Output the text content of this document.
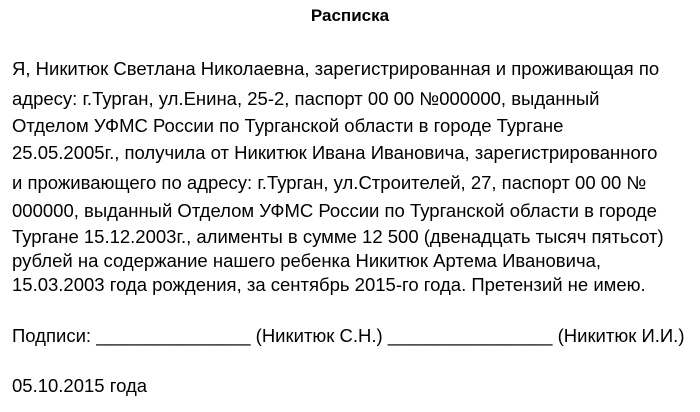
Расписка
Я, Никитюк Светлана Николаевна, зарегистрированная и проживающая по
адресу: г.Турган, ул.Енина, 25-2, паспорт 00 00 №000000, выданный
Отделом УФМС России по Турганской области в городе Тургане
25.05.2005г., получила от Никитюк Ивана Ивановича, зарегистрированного
и проживающего по адресу: г.Турган, ул.Строителей, 27, паспорт 00 00 №
000000, выданный Отделом УФМС России по Турганской области в городе
Тургане 15.12.2003г., алименты в сумме 12 500 (двенадцать тысяч пятьсот)
рублей на содержание нашего ребенка Никитюк Артема Ивановича,
15.03.2003 года рождения, за сентябрь 2015-го года. Претензий не имею.
Подписи: _______________ (Никитюк С.Н.) ________________ (Никитюк И.И.)
05.10.2015 года
